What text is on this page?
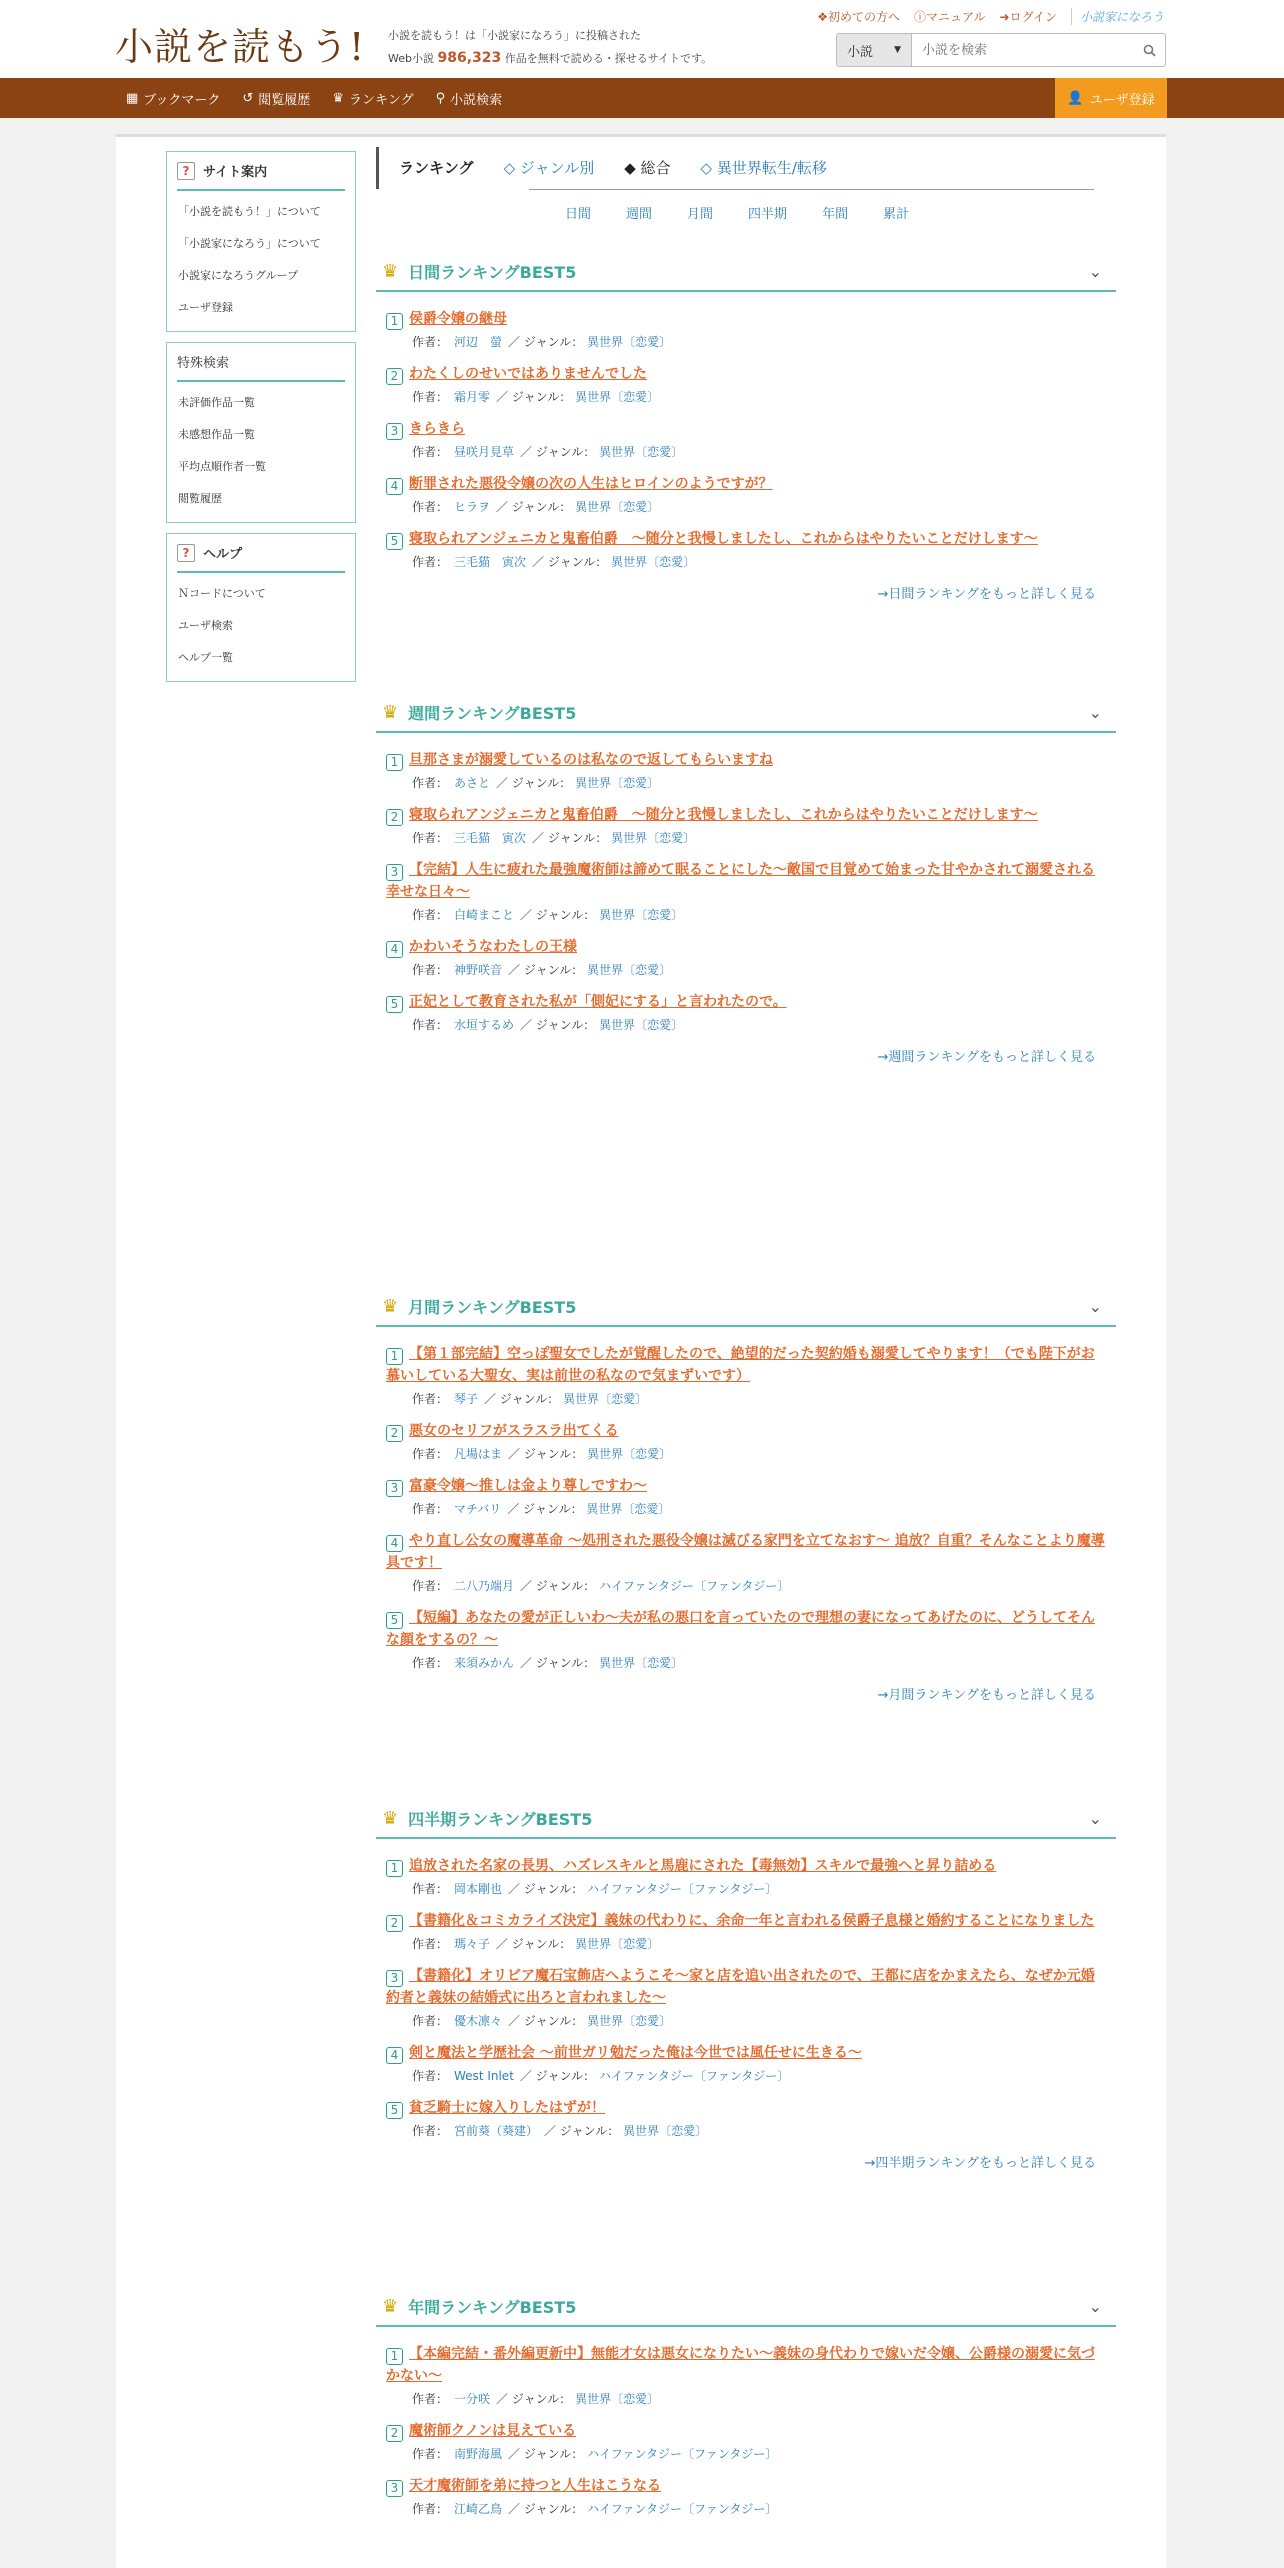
小説を読もう! 小説を読もう！は「小説家になろう」に投稿された
Web小説 986,323 作品を無料で読める・探せるサイトです。
❖初めての方へ ⓘマニュアル ➜ログイン	小説家になろう
小説 ▼
小説を検索
▦ ブックマーク ↺ 閲覧履歴 ♛ ランキング ⚲ 小説検索	👤 ユーザ登録
?	サイト案内
「小説を読もう！」について
「小説家になろう」について
小説家になろうグループ
ユーザ登録
特殊検索
未評価作品一覧
未感想作品一覧
平均点順作者一覧
閲覧履歴
?	ヘルプ
Ｎコードについて
ユーザ検索
ヘルプ一覧
ランキング ◇ ジャンル別 ◆ 総合 ◇ 異世界転生/転移
日間	週間	月間	四半期	年間	累計
♛ 日間ランキングBEST5	⌄
1 侯爵令嬢の継母
作者： 河辺　螢 ／ ジャンル： 異世界〔恋愛〕
2 わたくしのせいではありませんでした
作者： 霜月零 ／ ジャンル： 異世界〔恋愛〕
3 きらきら
作者： 昼咲月見草 ／ ジャンル： 異世界〔恋愛〕
4 断罪された悪役令嬢の次の人生はヒロインのようですが？
作者： ヒラヲ ／ ジャンル： 異世界〔恋愛〕
5 寝取られアンジェニカと鬼畜伯爵　～随分と我慢しましたし、これからはやりたいことだけします～
作者： 三毛猫　寅次 ／ ジャンル： 異世界〔恋愛〕
→日間ランキングをもっと詳しく見る
♛ 週間ランキングBEST5	⌄
1 旦那さまが溺愛しているのは私なので返してもらいますね
作者： あさと ／ ジャンル： 異世界〔恋愛〕
2 寝取られアンジェニカと鬼畜伯爵　～随分と我慢しましたし、これからはやりたいことだけします～
作者： 三毛猫　寅次 ／ ジャンル： 異世界〔恋愛〕
3 【完結】人生に疲れた最強魔術師は諦めて眠ることにした〜敵国で目覚めて始まった甘やかされて溺愛される幸せな日々〜
作者： 白崎まこと ／ ジャンル： 異世界〔恋愛〕
4 かわいそうなわたしの王様
作者： 神野咲音 ／ ジャンル： 異世界〔恋愛〕
5 正妃として教育された私が「側妃にする」と言われたので。
作者： 水垣するめ ／ ジャンル： 異世界〔恋愛〕
→週間ランキングをもっと詳しく見る
♛ 月間ランキングBEST5	⌄
1 【第１部完結】空っぽ聖女でしたが覚醒したので、絶望的だった契約婚も溺愛してやります！（でも陛下がお慕いしている大聖女、実は前世の私なので気まずいです）
作者： 琴子 ／ ジャンル： 異世界〔恋愛〕
2 悪女のセリフがスラスラ出てくる
作者： 凡場はま ／ ジャンル： 異世界〔恋愛〕
3 富豪令嬢～推しは金より尊しですわ～
作者： マチバリ ／ ジャンル： 異世界〔恋愛〕
4 やり直し公女の魔導革命 〜処刑された悪役令嬢は滅びる家門を立てなおす〜 追放？自重？そんなことより魔導具です！
作者： 二八乃端月 ／ ジャンル： ハイファンタジー〔ファンタジー〕
5 【短編】あなたの愛が正しいわ～夫が私の悪口を言っていたので理想の妻になってあげたのに、どうしてそんな顔をするの？～
作者： 来須みかん ／ ジャンル： 異世界〔恋愛〕
→月間ランキングをもっと詳しく見る
♛ 四半期ランキングBEST5	⌄
1 追放された名家の長男、ハズレスキルと馬鹿にされた【毒無効】スキルで最強へと昇り詰める
作者： 岡本剛也 ／ ジャンル： ハイファンタジー〔ファンタジー〕
2 【書籍化＆コミカライズ決定】義妹の代わりに、余命一年と言われる侯爵子息様と婚約することになりました
作者： 瑪々子 ／ ジャンル： 異世界〔恋愛〕
3 【書籍化】オリビア魔石宝飾店へようこそ～家と店を追い出されたので、王都に店をかまえたら、なぜか元婚約者と義妹の結婚式に出ろと言われました～
作者： 優木凛々 ／ ジャンル： 異世界〔恋愛〕
4 剣と魔法と学歴社会 〜前世ガリ勉だった俺は今世では風任せに生きる〜
作者： West Inlet ／ ジャンル： ハイファンタジー〔ファンタジー〕
5 貧乏騎士に嫁入りしたはずが！
作者： 宮前葵（葵建） ／ ジャンル： 異世界〔恋愛〕
→四半期ランキングをもっと詳しく見る
♛ 年間ランキングBEST5	⌄
1 【本編完結・番外編更新中】無能才女は悪女になりたい～義妹の身代わりで嫁いだ令嬢、公爵様の溺愛に気づかない～
作者： 一分咲 ／ ジャンル： 異世界〔恋愛〕
2 魔術師クノンは見えている
作者： 南野海風 ／ ジャンル： ハイファンタジー〔ファンタジー〕
3 天才魔術師を弟に持つと人生はこうなる
作者： 江崎乙鳥 ／ ジャンル： ハイファンタジー〔ファンタジー〕
